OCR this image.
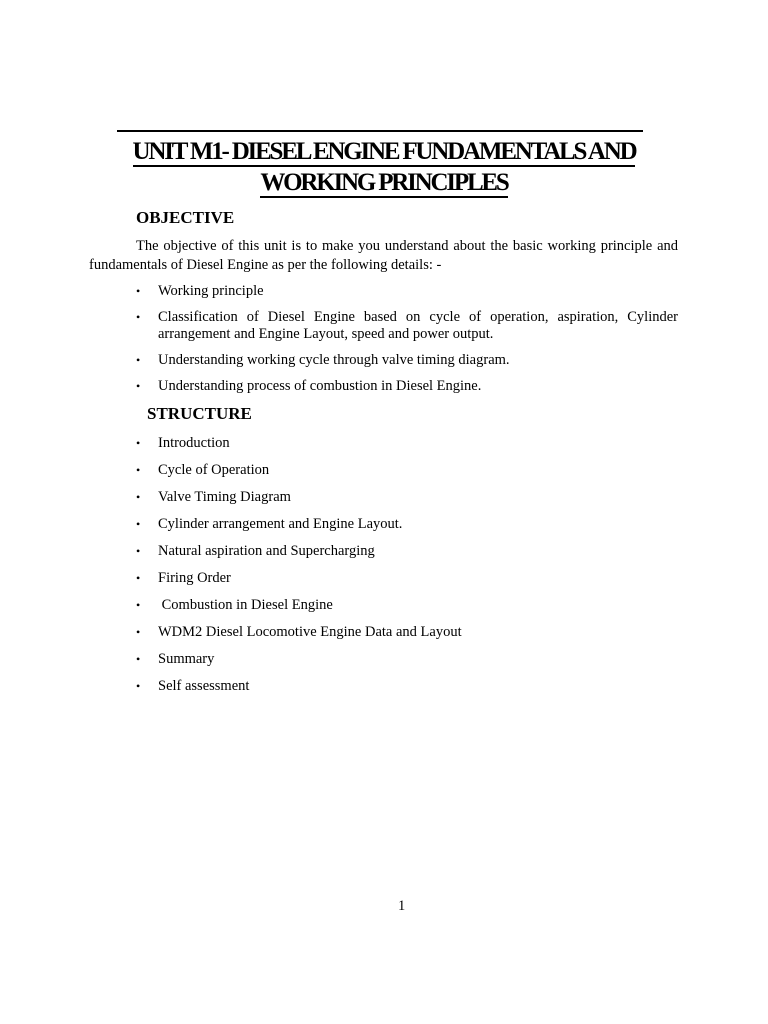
UNIT M1- DIESEL ENGINE FUNDAMENTALS AND
WORKING PRINCIPLES
OBJECTIVE

The objective of this unit is to make you understand about the basic working principle and fundamentals of Diesel Engine as per the following details: -

• Working principle
• Classification of Diesel Engine based on cycle of operation, aspiration, Cylinder arrangement and Engine Layout, speed and power output.
• Understanding working cycle through valve timing diagram.
• Understanding process of combustion in Diesel Engine.
STRUCTURE
• Introduction
• Cycle of Operation
• Valve Timing Diagram
• Cylinder arrangement and Engine Layout.
• Natural aspiration and Supercharging
• Firing Order
• Combustion in Diesel Engine
• WDM2 Diesel Locomotive Engine Data and Layout
• Summary
• Self assessment
1
